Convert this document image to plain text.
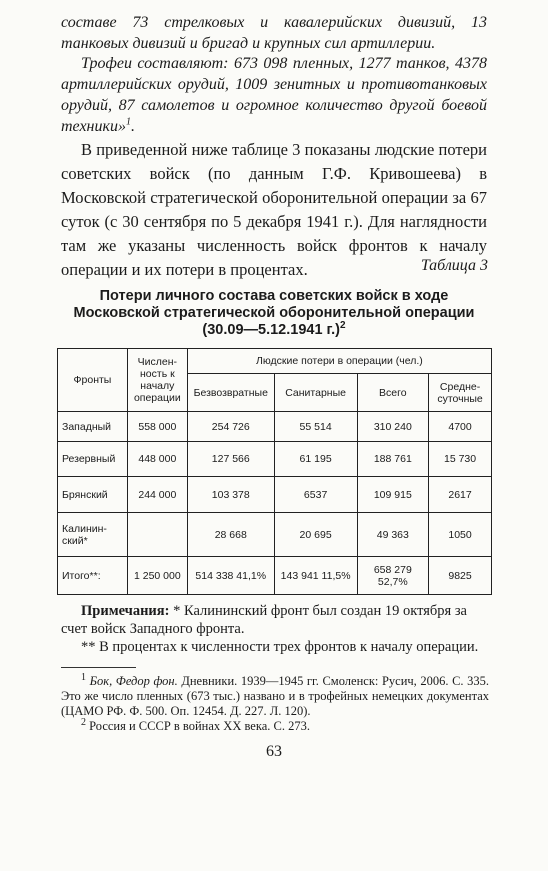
составе 73 стрелковых и кавалерийских дивизий, 13 танковых дивизий и бригад и крупных сил артиллерии.

Трофеи составляют: 673 098 пленных, 1277 танков, 4378 артиллерийских орудий, 1009 зенитных и противотанковых орудий, 87 самолетов и огромное количество другой боевой техники»$^1$.

В приведенной ниже таблице 3 показаны людские потери советских войск (по данным Г.Ф. Кривошеева) в Московской стратегической оборонительной операции за 67 суток (с 30 сентября по 5 декабря 1941 г.). Для наглядности там же указаны численность войск фронтов к началу операции и их потери в процентах.	Таблица 3
Потери личного состава советских войск в ходе Московской стратегической оборонительной операции (30.09—5.12.1941 г.)$^2$
Фронты	Числен-ность к началу операции	Людские потери в операции (чел.)			
		Безвозвратные	Санитарные	Всего	Средне-суточные
Западный	558 000	254 726	55 514	310 240	4700
Резервный	448 000	127 566	61 195	188 761	15 730
Брянский	244 000	103 378	6537	109 915	2617
Калинин-ский*		28 668	20 695	49 363	1050
Итого**:	1 250 000	514 338 41,1%	143 941 11,5%	658 279 52,7%	9825

Примечания: * Калининский фронт был создан 19 октября за счет войск Западного фронта.

** В процентах к численности трех фронтов к началу операции.

$^1$ Бок, Федор фон. Дневники. 1939—1945 гг. Смоленск: Русич, 2006. С. 335. Это же число пленных (673 тыс.) названо и в трофейных немецких документах (ЦАМО РФ. Ф. 500. Оп. 12454. Д. 227. Л. 120).

$^2$ Россия и СССР в войнах XX века. С. 273.

63
